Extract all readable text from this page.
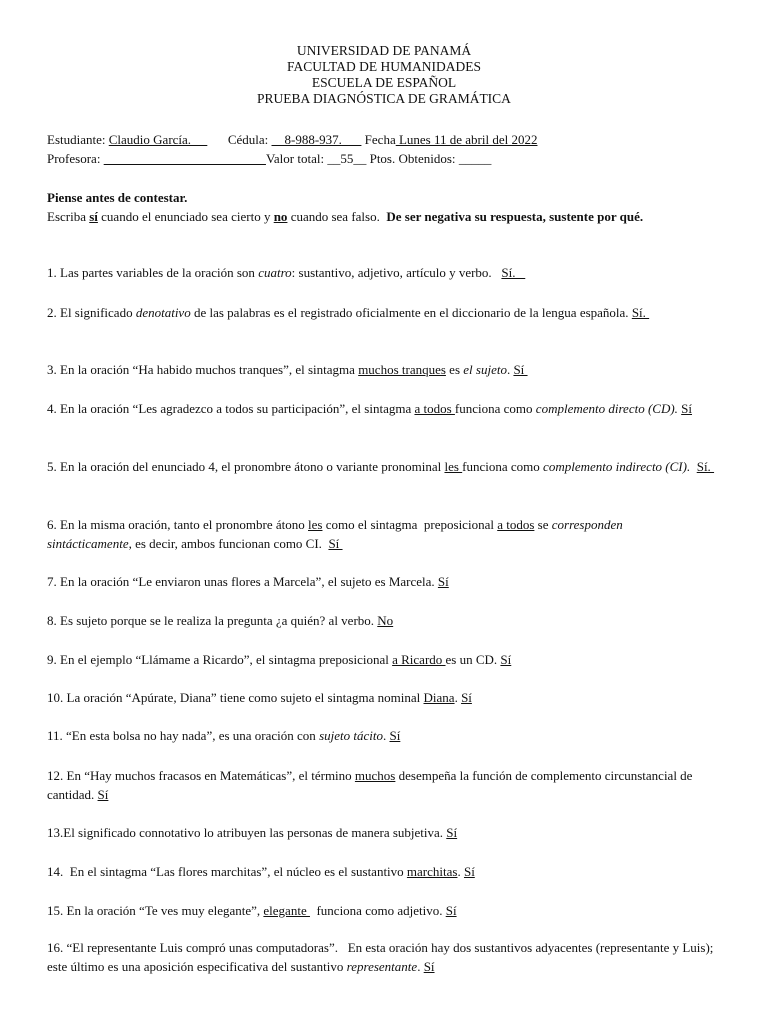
UNIVERSIDAD DE PANAMÁ
FACULTAD DE HUMANIDADES
ESCUELA DE ESPAÑOL
PRUEBA DIAGNÓSTICA DE GRAMÁTICA
Estudiante: Claudio García.       Cédula:     8-988-937.       Fecha Lunes 11 de abril del 2022
Profesora:	Valor total: __55__ Ptos. Obtenidos: _____
Piense antes de contestar.
Escriba sí cuando el enunciado sea cierto y no cuando sea falso.  De ser negativa su respuesta, sustente por qué.
1. Las partes variables de la oración son cuatro: sustantivo, adjetivo, artículo y verbo.   Sí.
2. El significado denotativo de las palabras es el registrado oficialmente en el diccionario de la lengua española. Sí.
3. En la oración “Ha habido muchos tranques”, el sintagma muchos tranques es el sujeto. Sí
4. En la oración “Les agradezco a todos su participación”, el sintagma a todos funciona como complemento directo (CD). Sí
5. En la oración del enunciado 4, el pronombre átono o variante pronominal les funciona como complemento indirecto (CI). Sí.
6. En la misma oración, tanto el pronombre átono les como el sintagma  preposicional a todos se corresponden sintácticamente, es decir, ambos funcionan como CI.  Sí
7. En la oración “Le enviaron unas flores a Marcela”, el sujeto es Marcela. Sí
8. Es sujeto porque se le realiza la pregunta ¿a quién? al verbo. No
9. En el ejemplo “Llámame a Ricardo”, el sintagma preposicional a Ricardo es un CD. Sí
10. La oración “Apúrate, Diana” tiene como sujeto el sintagma nominal Diana. Sí
11. “En esta bolsa no hay nada”, es una oración con sujeto tácito. Sí
12. En “Hay muchos fracasos en Matemáticas”, el término muchos desempeña la función de complemento circunstancial de cantidad. Sí
13.El significado connotativo lo atribuyen las personas de manera subjetiva. Sí
14.  En el sintagma “Las flores marchitas”, el núcleo es el sustantivo marchitas. Sí
15. En la oración “Te ves muy elegante”, elegante   funciona como adjetivo. Sí
16. “El representante Luis compró unas computadoras”.   En esta oración hay dos sustantivos adyacentes (representante y Luis); este último es una aposición especificativa del sustantivo representante. Sí
